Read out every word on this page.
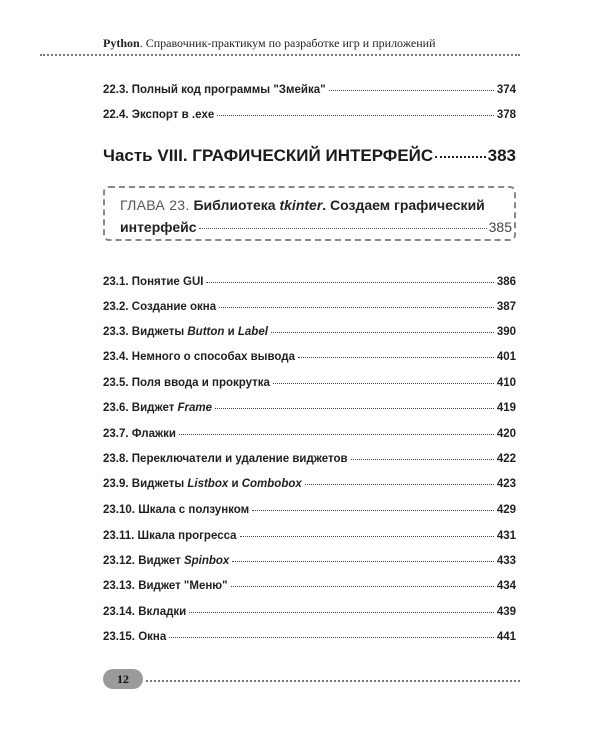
Python. Справочник-практикум по разработке игр и приложений
22.3. Полный код программы "Змейка"	374
22.4. Экспорт в .exe	378
Часть VIII. ГРАФИЧЕСКИЙ ИНТЕРФЕЙС	383
ГЛАВА 23. Библиотека tkinter. Создаем графический
интерфейс	385
23.1. Понятие GUI	386
23.2. Создание окна	387
23.3. Виджеты Button и Label	390
23.4. Немного о способах вывода	401
23.5. Поля ввода и прокрутка	410
23.6. Виджет Frame	419
23.7. Флажки	420
23.8. Переключатели и удаление виджетов	422
23.9. Виджеты Listbox и Combobox	423
23.10. Шкала с ползунком	429
23.11. Шкала прогресса	431
23.12. Виджет Spinbox	433
23.13. Виджет "Меню"	434
23.14. Вкладки	439
23.15. Окна	441
12
